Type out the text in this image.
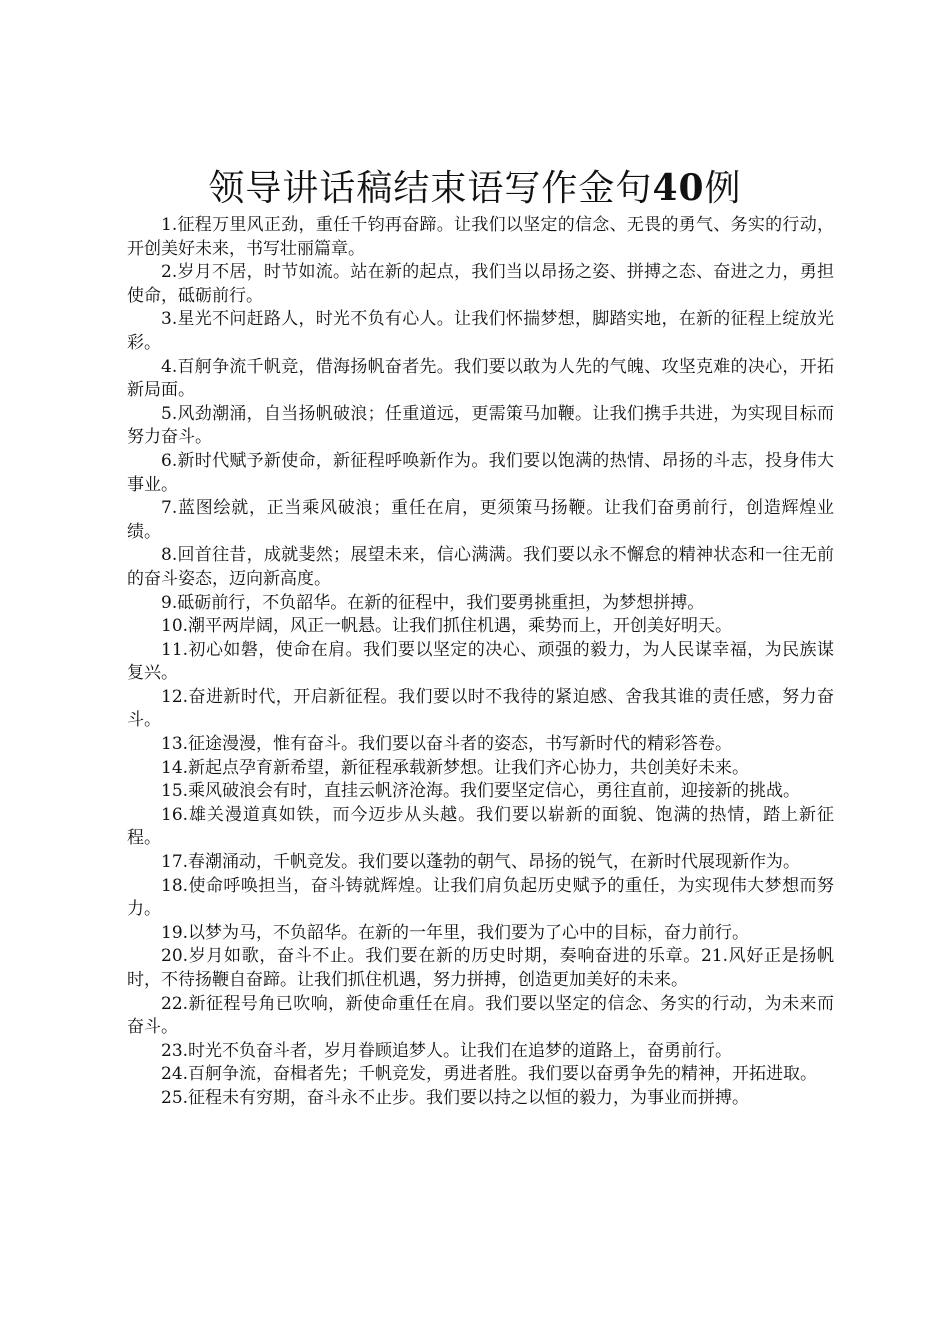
领导讲话稿结束语写作金句40例

1.征程万里风正劲，重任千钧再奋蹄。让我们以坚定的信念、无畏的勇气、务实的行动，开创美好未来，书写壮丽篇章。

2.岁月不居，时节如流。站在新的起点，我们当以昂扬之姿、拼搏之态、奋进之力，勇担使命，砥砺前行。

3.星光不问赶路人，时光不负有心人。让我们怀揣梦想，脚踏实地，在新的征程上绽放光彩。

4.百舸争流千帆竞，借海扬帆奋者先。我们要以敢为人先的气魄、攻坚克难的决心，开拓新局面。

5.风劲潮涌，自当扬帆破浪；任重道远，更需策马加鞭。让我们携手共进，为实现目标而努力奋斗。

6.新时代赋予新使命，新征程呼唤新作为。我们要以饱满的热情、昂扬的斗志，投身伟大事业。

7.蓝图绘就，正当乘风破浪；重任在肩，更须策马扬鞭。让我们奋勇前行，创造辉煌业绩。

8.回首往昔，成就斐然；展望未来，信心满满。我们要以永不懈怠的精神状态和一往无前的奋斗姿态，迈向新高度。

9.砥砺前行，不负韶华。在新的征程中，我们要勇挑重担，为梦想拼搏。

10.潮平两岸阔，风正一帆悬。让我们抓住机遇，乘势而上，开创美好明天。

11.初心如磐，使命在肩。我们要以坚定的决心、顽强的毅力，为人民谋幸福，为民族谋复兴。

12.奋进新时代，开启新征程。我们要以时不我待的紧迫感、舍我其谁的责任感，努力奋斗。

13.征途漫漫，惟有奋斗。我们要以奋斗者的姿态，书写新时代的精彩答卷。

14.新起点孕育新希望，新征程承载新梦想。让我们齐心协力，共创美好未来。

15.乘风破浪会有时，直挂云帆济沧海。我们要坚定信心，勇往直前，迎接新的挑战。

16.雄关漫道真如铁，而今迈步从头越。我们要以崭新的面貌、饱满的热情，踏上新征程。

17.春潮涌动，千帆竞发。我们要以蓬勃的朝气、昂扬的锐气，在新时代展现新作为。

18.使命呼唤担当，奋斗铸就辉煌。让我们肩负起历史赋予的重任，为实现伟大梦想而努力。

19.以梦为马，不负韶华。在新的一年里，我们要为了心中的目标，奋力前行。

20.岁月如歌，奋斗不止。我们要在新的历史时期，奏响奋进的乐章。21.风好正是扬帆时，不待扬鞭自奋蹄。让我们抓住机遇，努力拼搏，创造更加美好的未来。

22.新征程号角已吹响，新使命重任在肩。我们要以坚定的信念、务实的行动，为未来而奋斗。

23.时光不负奋斗者，岁月眷顾追梦人。让我们在追梦的道路上，奋勇前行。

24.百舸争流，奋楫者先；千帆竞发，勇进者胜。我们要以奋勇争先的精神，开拓进取。

25.征程未有穷期，奋斗永不止步。我们要以持之以恒的毅力，为事业而拼搏。
